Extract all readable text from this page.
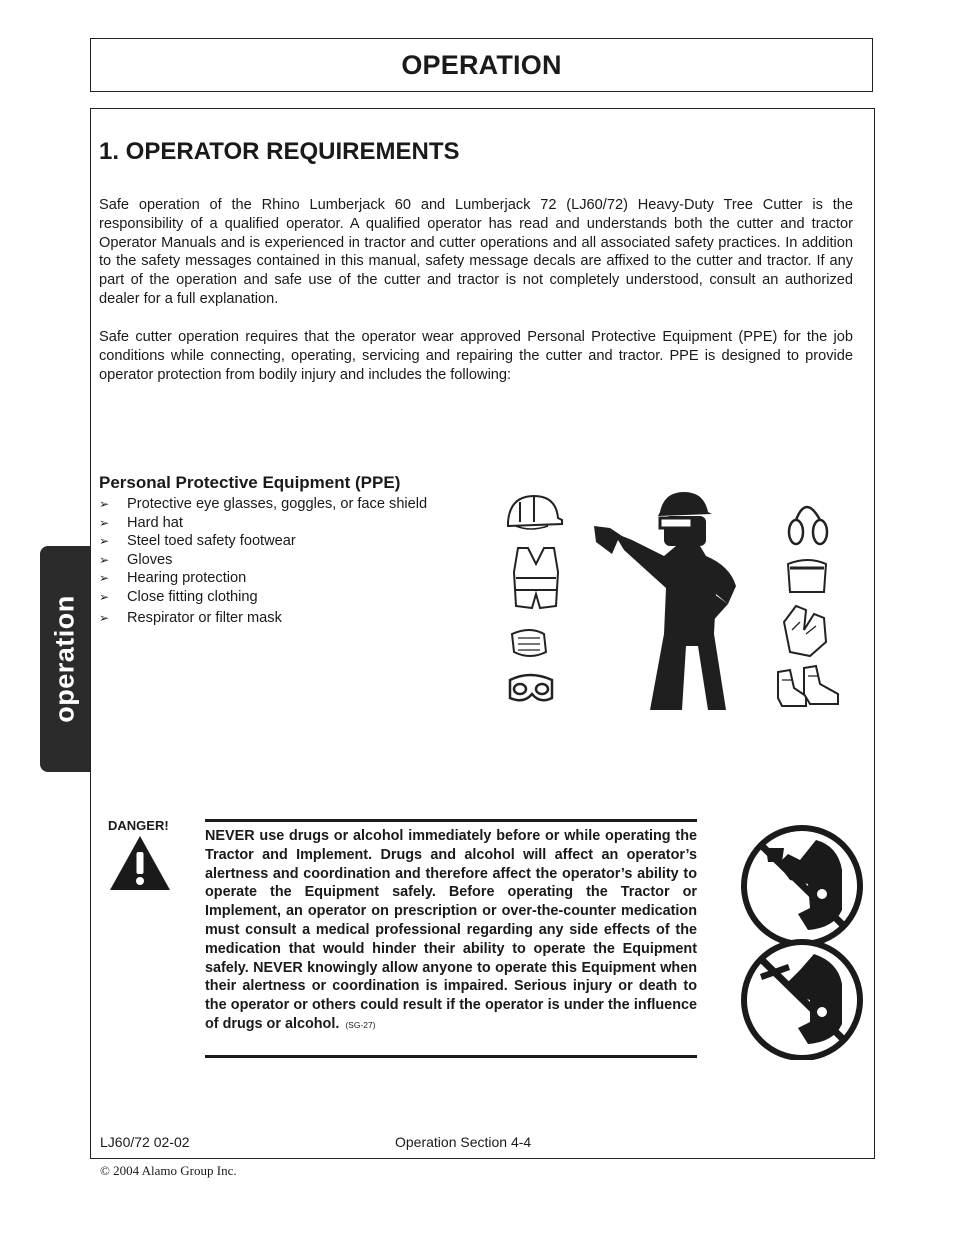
OPERATION
operation
1. OPERATOR REQUIREMENTS

Safe operation of the Rhino Lumberjack 60 and Lumberjack 72 (LJ60/72) Heavy-Duty Tree Cutter is the responsibility of a qualified operator. A qualified operator has read and understands both the cutter and tractor Operator Manuals and is experienced in tractor and cutter operations and all associated safety practices. In addition to the safety messages contained in this manual, safety message decals are affixed to the cutter and tractor. If any part of the operation and safe use of the cutter and tractor is not completely understood, consult an authorized dealer for a full explanation.

Safe cutter operation requires that the operator wear approved Personal Protective Equipment (PPE) for the job conditions while connecting, operating, servicing and repairing the cutter and tractor. PPE is designed to provide operator protection from bodily injury and includes the following:

Personal Protective Equipment (PPE)
➢	Protective eye glasses, goggles, or face shield
➢	Hard hat
➢	Steel toed safety footwear
➢	Gloves
➢	Hearing protection
➢	Close fitting clothing
➢	Respirator or filter mask
DANGER!

NEVER use drugs or alcohol immediately before or while operating the Tractor and Implement. Drugs and alcohol will affect an operator’s alertness and coordination and therefore affect the operator’s ability to operate the Equipment safely. Before operating the Tractor or Implement, an operator on prescription or over-the-counter medication must consult a medical professional regarding any side effects of the medication that would hinder their ability to operate the Equipment safely. NEVER knowingly allow anyone to operate this Equipment when their alertness or coordination is impaired. Serious injury or death to the operator or others could result if the operator is under the influence of drugs or alcohol. (SG-27)

LJ60/72 02-02	Operation Section 4-4
© 2004 Alamo Group Inc.
